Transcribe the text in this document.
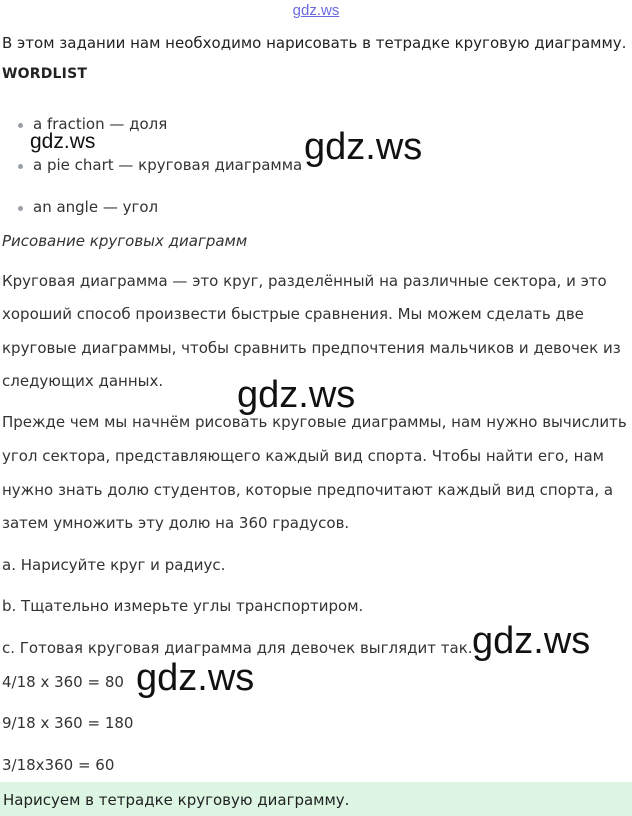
gdz.ws
В этом задании нам необходимо нарисовать в тетрадке круговую диаграмму.
WORDLIST
a fraction — доля
a pie chart — круговая диаграмма
an angle — угол
Рисование круговых диаграмм
Круговая диаграмма — это круг, разделённый на различные сектора, и это
хороший способ произвести быстрые сравнения. Мы можем сделать две
круговые диаграммы, чтобы сравнить предпочтения мальчиков и девочек из
следующих данных.
Прежде чем мы начнём рисовать круговые диаграммы, нам нужно вычислить
угол сектора, представляющего каждый вид спорта. Чтобы найти его, нам
нужно знать долю студентов, которые предпочитают каждый вид спорта, а
затем умножить эту долю на 360 градусов.
a. Нарисуйте круг и радиус.
b. Тщательно измерьте углы транспортиром.
c. Готовая круговая диаграмма для девочек выглядит так.
4/18 x 360 = 80
9/18 x 360 = 180
3/18x360 = 60
Нарисуем в тетрадке круговую диаграмму.
gdz.ws	gdz.ws
gdz.ws
gdz.ws
gdz.ws
